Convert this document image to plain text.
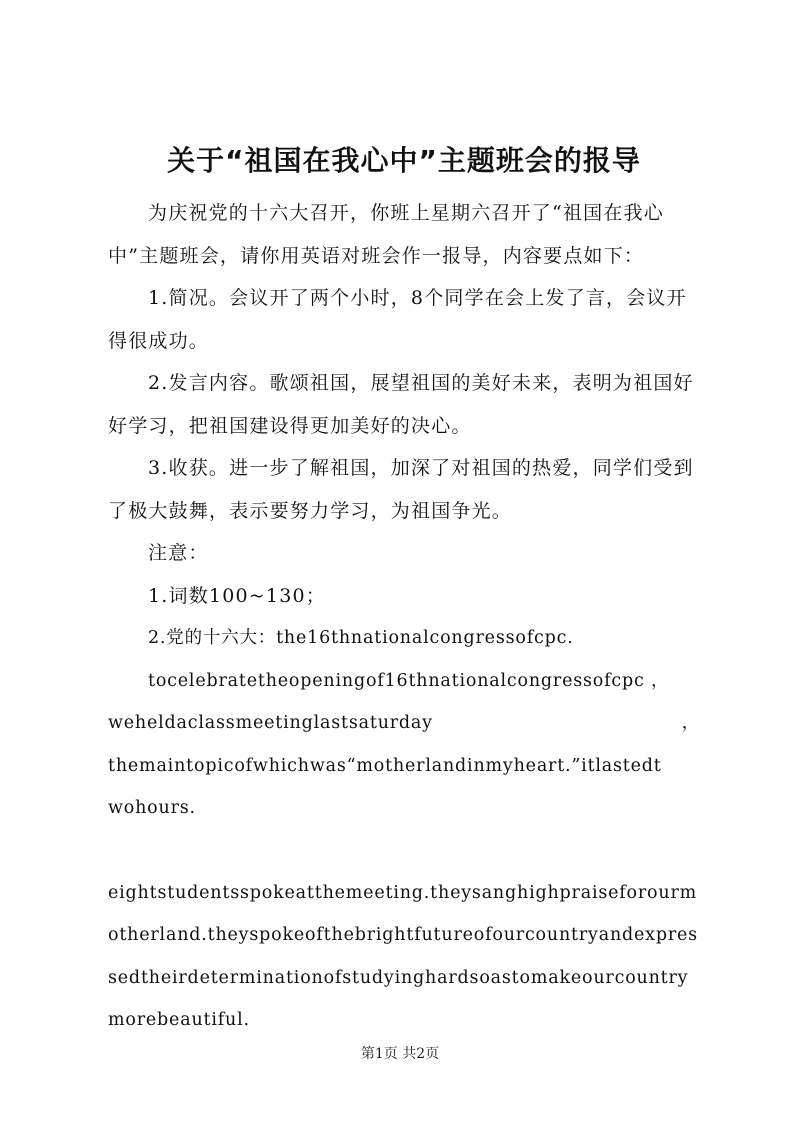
关于“祖国在我心中”主题班会的报导

为庆祝党的十六大召开，你班上星期六召开了“祖国在我心中”主题班会，请你用英语对班会作一报导，内容要点如下：

1.简况。会议开了两个小时，8个同学在会上发了言，会议开得很成功。

2.发言内容。歌颂祖国，展望祖国的美好未来，表明为祖国好好学习，把祖国建设得更加美好的决心。

3.收获。进一步了解祖国，加深了对祖国的热爱，同学们受到了极大鼓舞，表示要努力学习，为祖国争光。

注意：

1.词数100~130；

2.党的十六大：the16thnationalcongressofcpc.

tocelebratetheopeningof16thnationalcongressofcpc ，

weheldaclassmeetinglastsaturday ，

themaintopicofwhichwas“motherlandinmyheart.”itlastedt

wohours.

eightstudentsspokeatthemeeting.theysanghighpraiseforourmotherland.theyspokeofthebrightfutureofourcountryandexpressedtheirdeterminationofstudyinghardsoastomakeourcountrymorebeautiful.

第1页 共2页
